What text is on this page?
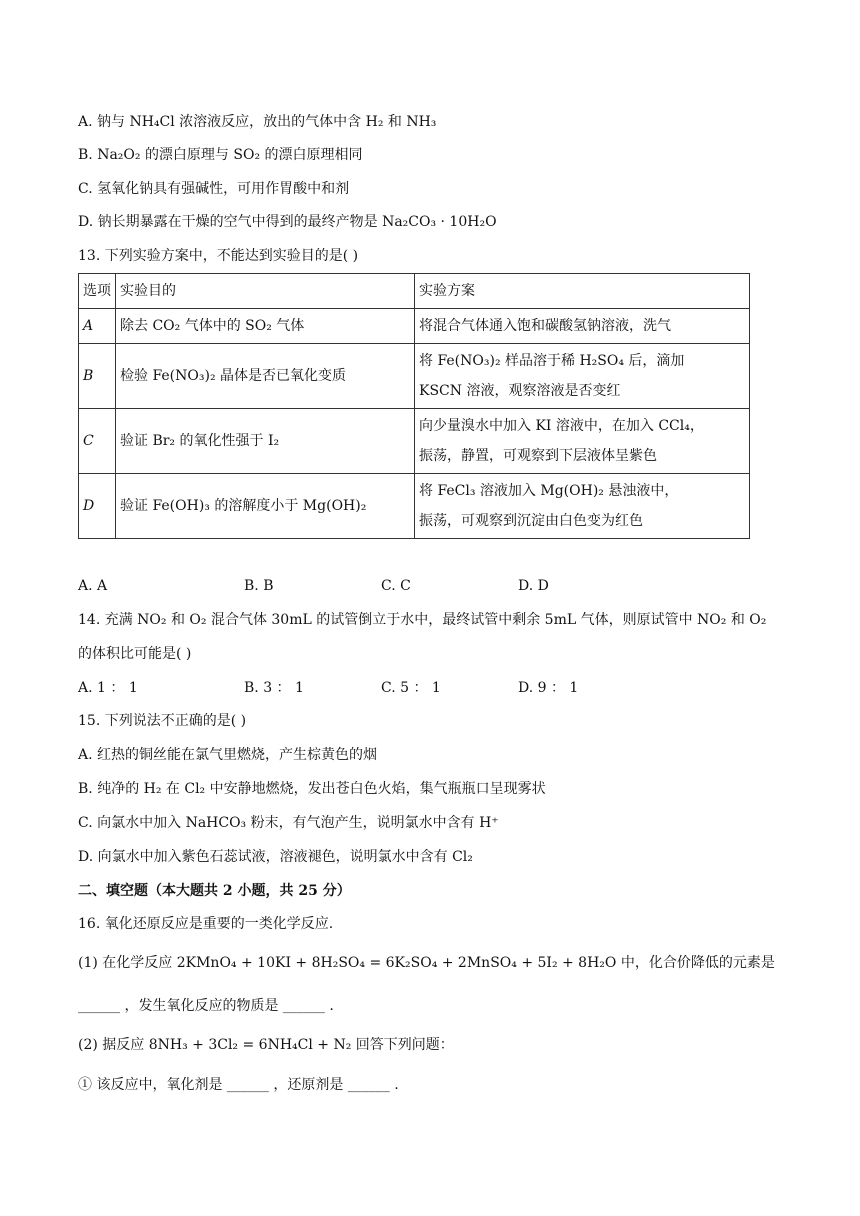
A. 钠与 NH₄Cl 浓溶液反应，放出的气体中含 H₂ 和 NH₃
B. Na₂O₂ 的漂白原理与 SO₂ 的漂白原理相同
C. 氢氧化钠具有强碱性，可用作胃酸中和剂
D. 钠长期暴露在干燥的空气中得到的最终产物是 Na₂CO₃ · 10H₂O
13. 下列实验方案中，不能达到实验目的是( )
选项	实验目的	实验方案
A	除去 CO₂ 气体中的 SO₂ 气体	将混合气体通入饱和碳酸氢钠溶液，洗气

B	检验 Fe(NO₃)₂ 晶体是否已氧化变质	将 Fe(NO₃)₂ 样品溶于稀 H₂SO₄ 后，滴加
KSCN 溶液，观察溶液是否变红

C	验证 Br₂ 的氧化性强于 I₂	向少量溴水中加入 KI 溶液中，在加入 CCl₄，
振荡，静置，可观察到下层液体呈紫色

D	验证 Fe(OH)₃ 的溶解度小于 Mg(OH)₂	将 FeCl₃ 溶液加入 Mg(OH)₂ 悬浊液中，
振荡，可观察到沉淀由白色变为红色
A. A	B. B	C. C	D. D
14. 充满 NO₂ 和 O₂ 混合气体 30mL 的试管倒立于水中，最终试管中剩余 5mL 气体，则原试管中 NO₂ 和 O₂
的体积比可能是( )
A. 1 ： 1	B. 3 ： 1	C. 5 ： 1	D. 9 ： 1
15. 下列说法不正确的是( )
A. 红热的铜丝能在氯气里燃烧，产生棕黄色的烟
B. 纯净的 H₂ 在 Cl₂ 中安静地燃烧，发出苍白色火焰，集气瓶瓶口呈现雾状
C. 向氯水中加入 NaHCO₃ 粉末，有气泡产生，说明氯水中含有 H⁺
D. 向氯水中加入紫色石蕊试液，溶液褪色，说明氯水中含有 Cl₂
二、填空题（本大题共 2 小题，共 25 分）
16. 氧化还原反应是重要的一类化学反应.
(1) 在化学反应 2KMnO₄ + 10KI + 8H₂SO₄ = 6K₂SO₄ + 2MnSO₄ + 5I₂ + 8H₂O 中，化合价降低的元素是
______ ，发生氧化反应的物质是 ______ .
(2) 据反应 8NH₃ + 3Cl₂ = 6NH₄Cl + N₂ 回答下列问题：
① 该反应中，氧化剂是 ______ ，还原剂是 ______ .
